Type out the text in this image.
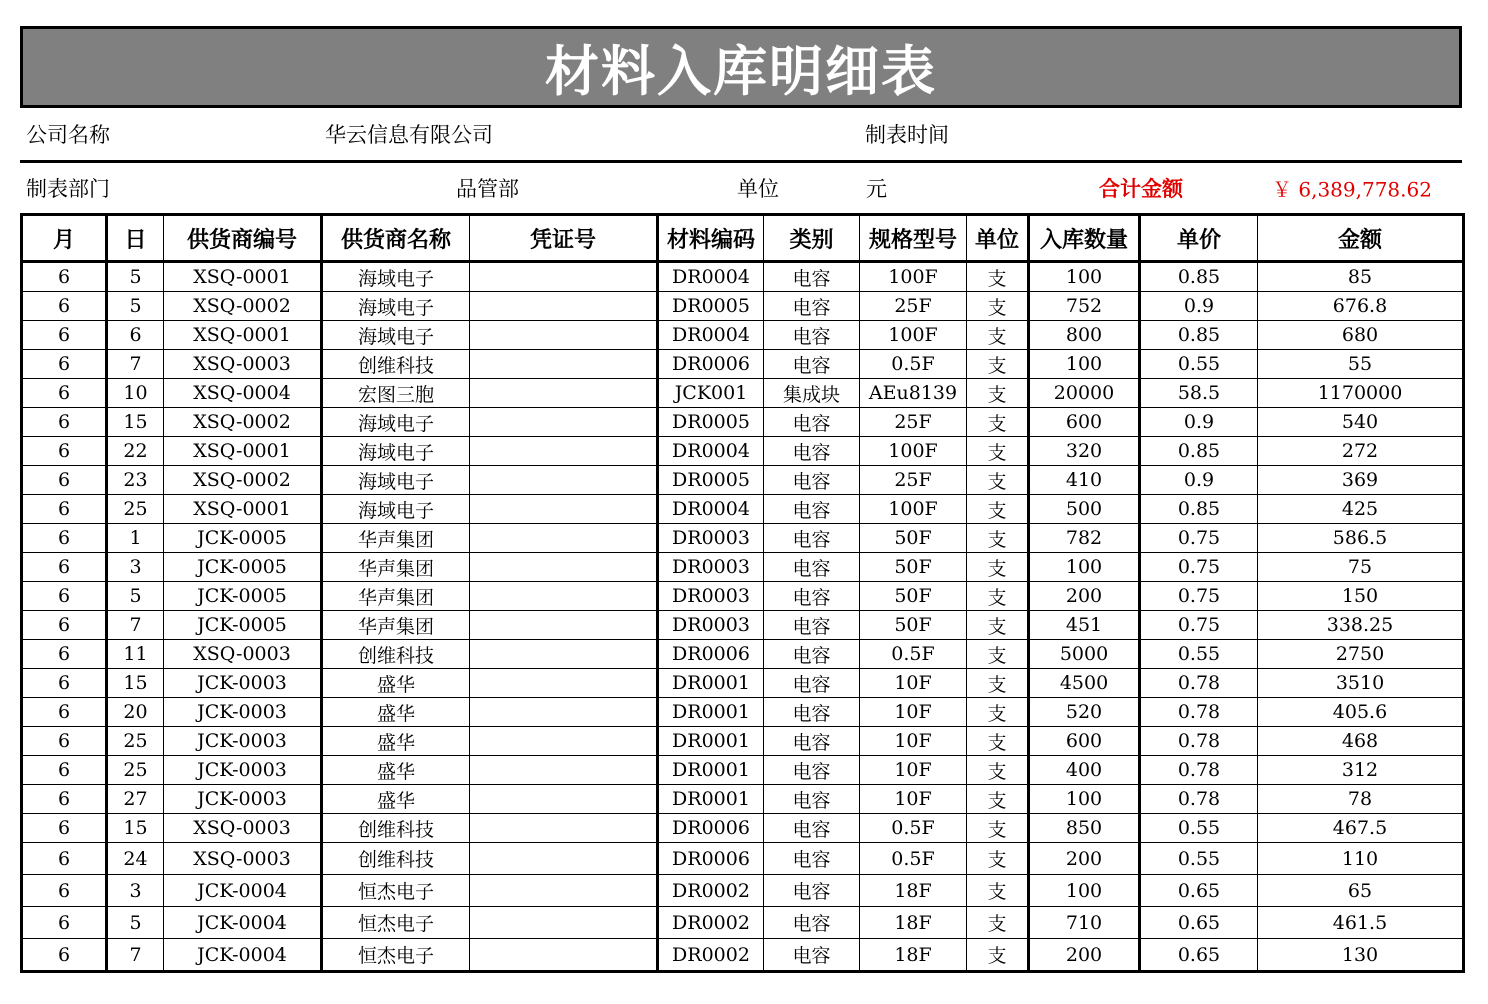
材料入库明细表
公司名称	华云信息有限公司	制表时间
制表部门	品管部	单位	元	合计金额	￥ 6,389,778.62
月	日	供货商编号	供货商名称	凭证号	材料编码	类别	规格型号	单位	入库数量	单价	金额
6	5	XSQ-0001	海域电子		DR0004	电容	100F	支	100	0.85	85
6	5	XSQ-0002	海域电子		DR0005	电容	25F	支	752	0.9	676.8
6	6	XSQ-0001	海域电子		DR0004	电容	100F	支	800	0.85	680
6	7	XSQ-0003	创维科技		DR0006	电容	0.5F	支	100	0.55	55
6	10	XSQ-0004	宏图三胞		JCK001	集成块	AEu8139	支	20000	58.5	1170000
6	15	XSQ-0002	海域电子		DR0005	电容	25F	支	600	0.9	540
6	22	XSQ-0001	海域电子		DR0004	电容	100F	支	320	0.85	272
6	23	XSQ-0002	海域电子		DR0005	电容	25F	支	410	0.9	369
6	25	XSQ-0001	海域电子		DR0004	电容	100F	支	500	0.85	425
6	1	JCK-0005	华声集团		DR0003	电容	50F	支	782	0.75	586.5
6	3	JCK-0005	华声集团		DR0003	电容	50F	支	100	0.75	75
6	5	JCK-0005	华声集团		DR0003	电容	50F	支	200	0.75	150
6	7	JCK-0005	华声集团		DR0003	电容	50F	支	451	0.75	338.25
6	11	XSQ-0003	创维科技		DR0006	电容	0.5F	支	5000	0.55	2750
6	15	JCK-0003	盛华		DR0001	电容	10F	支	4500	0.78	3510
6	20	JCK-0003	盛华		DR0001	电容	10F	支	520	0.78	405.6
6	25	JCK-0003	盛华		DR0001	电容	10F	支	600	0.78	468
6	25	JCK-0003	盛华		DR0001	电容	10F	支	400	0.78	312
6	27	JCK-0003	盛华		DR0001	电容	10F	支	100	0.78	78
6	15	XSQ-0003	创维科技		DR0006	电容	0.5F	支	850	0.55	467.5
6	24	XSQ-0003	创维科技		DR0006	电容	0.5F	支	200	0.55	110
6	3	JCK-0004	恒杰电子		DR0002	电容	18F	支	100	0.65	65
6	5	JCK-0004	恒杰电子		DR0002	电容	18F	支	710	0.65	461.5
6	7	JCK-0004	恒杰电子		DR0002	电容	18F	支	200	0.65	130
